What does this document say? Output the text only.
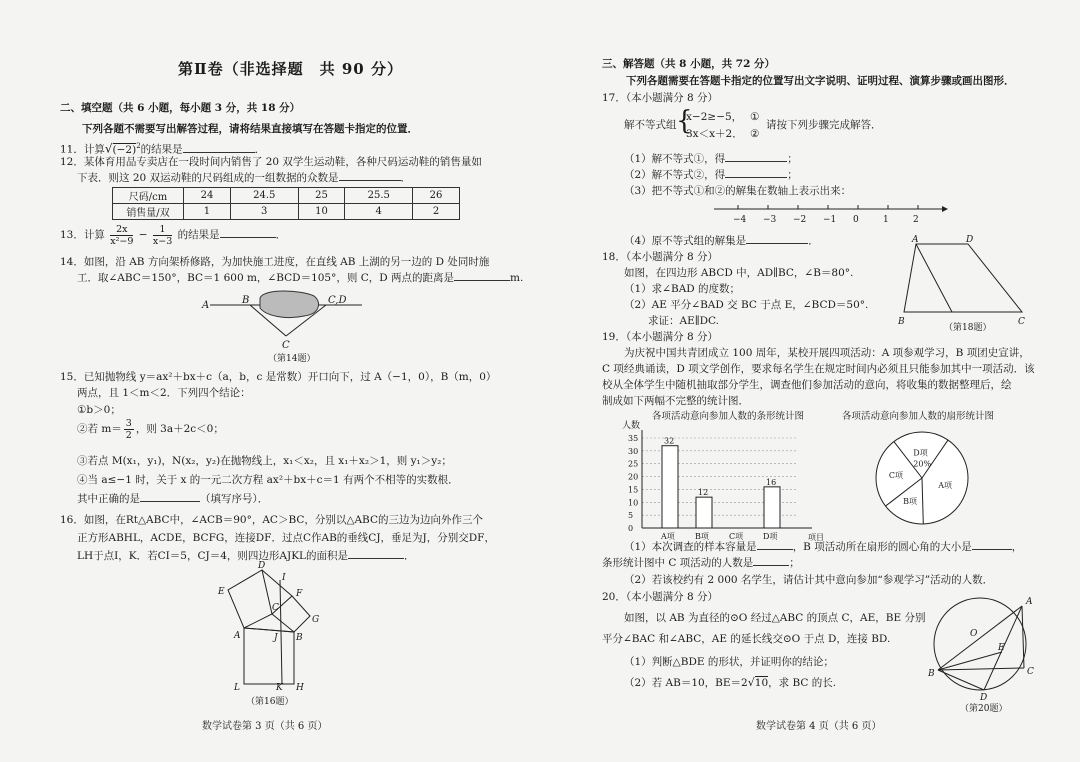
第Ⅱ卷（非选择题　共 90 分）
二、填空题（共 6 小题，每小题 3 分，共 18 分）
下列各题不需要写出解答过程，请将结果直接填写在答题卡指定的位置．
11．计算$√(-2)^2$的结果是	．
12．某体育用品专卖店在一段时间内销售了 20 双学生运动鞋，各种尺码运动鞋的销售量如
下表．则这 20 双运动鞋的尺码组成的一组数据的众数是	．
尺码/cm	24	24.5	25	25.5	26
销售量/双	1	3	10	4	2
13．计算 $\frac{2x}{\text{x²−9}} - \frac{1}{x-3}$ 的结果是	．
14．如图，沿 AB 方向架桥修路，为加快施工进度，在直线 AB 上湖的另一边的 D 处同时施
工．取∠ABC＝150°，BC＝1 600 m，∠BCD＝105°，则 C，D 两点的距离是	m.
A	B	C,D
C
（第14题）
15．已知抛物线 y＝ax²＋bx＋c（a，b，c 是常数）开口向下，过 A（−1，0），B（m，0）
两点，且 1＜m＜2．下列四个结论：
①b＞0；
②若 $m= \frac{3}{2}$ ，则 3a＋2c＜0；
③若点 M(x₁，y₁)，N(x₂，y₂)在抛物线上，x₁＜x₂，且 x₁＋x₂＞1，则 y₁＞y₂；
④当 a≤−1 时，关于 x 的一元二次方程 ax²＋bx＋c＝1 有两个不相等的实数根．
其中正确的是	（填写序号）．
16．如图，在Rt△ABC中，∠ACB＝90°，AC＞BC，分别以△ABC的三边为边向外作三个
正方形ABHL，ACDE，BCFG，连接DF．过点C作AB的垂线CJ，垂足为J，分别交DF，
LH于点I，K．若CI＝5，CJ＝4，则四边形AJKL的面积是	．
D
I
E	F
C
G
A	J B
L	K H
（第16题）
数学试卷第 3 页（共 6 页）
三、解答题（共 8 小题，共 72 分）
下列各题需要在答题卡指定的位置写出文字说明、证明过程、演算步骤或画出图形．
17．（本小题满分 8 分）
解不等式组 {
x−2≥−5，
3x＜x＋2．
①
②
请按下列步骤完成解答．
（1）解不等式①，得	；
（2）解不等式②，得	；
（3）把不等式①和②的解集在数轴上表示出来：
−4 −3 −2 −1 0	1	2
（4）原不等式组的解集是	．
18．（本小题满分 8 分）
如图，在四边形 ABCD 中，AD∥BC，∠B＝80°.
（1）求∠BAD 的度数；
（2）AE 平分∠BAD 交 BC 于点 E，∠BCD＝50°.
求证：AE∥DC.
A	D
B	C
（第18题）
19．（本小题满分 8 分）
为庆祝中国共青团成立 100 周年，某校开展四项活动：A 项参观学习，B 项团史宣讲，
C 项经典诵读，D 项文学创作，要求每名学生在规定时间内必须且只能参加其中一项活动．该
校从全体学生中随机抽取部分学生，调查他们参加活动的意向，将收集的数据整理后，绘
制成如下两幅不完整的统计图．
各项活动意向参加人数的条形统计图
0
5
10
15
20
25
30
35
人数
项目
32
A项
12
B项	C项
16
D项
各项活动意向参加人数的扇形统计图
A项
B项
C项
D项
20%
（1）本次调查的样本容量是	，B 项活动所在扇形的圆心角的大小是	，
条形统计图中 C 项活动的人数是	；
（2）若该校约有 2 000 名学生，请估计其中意向参加“参观学习”活动的人数．
20．（本小题满分 8 分）
如图，以 AB 为直径的⊙O 经过△ABC 的顶点 C，AE，BE 分别
平分∠BAC 和∠ABC，AE 的延长线交⊙O 于点 D，连接 BD.
（1）判断△BDE 的形状，并证明你的结论；
（2）若 AB＝10，BE＝2√10，求 BC 的长.
A
O
E
B	C
D
（第20题）
数学试卷第 4 页（共 6 页）
